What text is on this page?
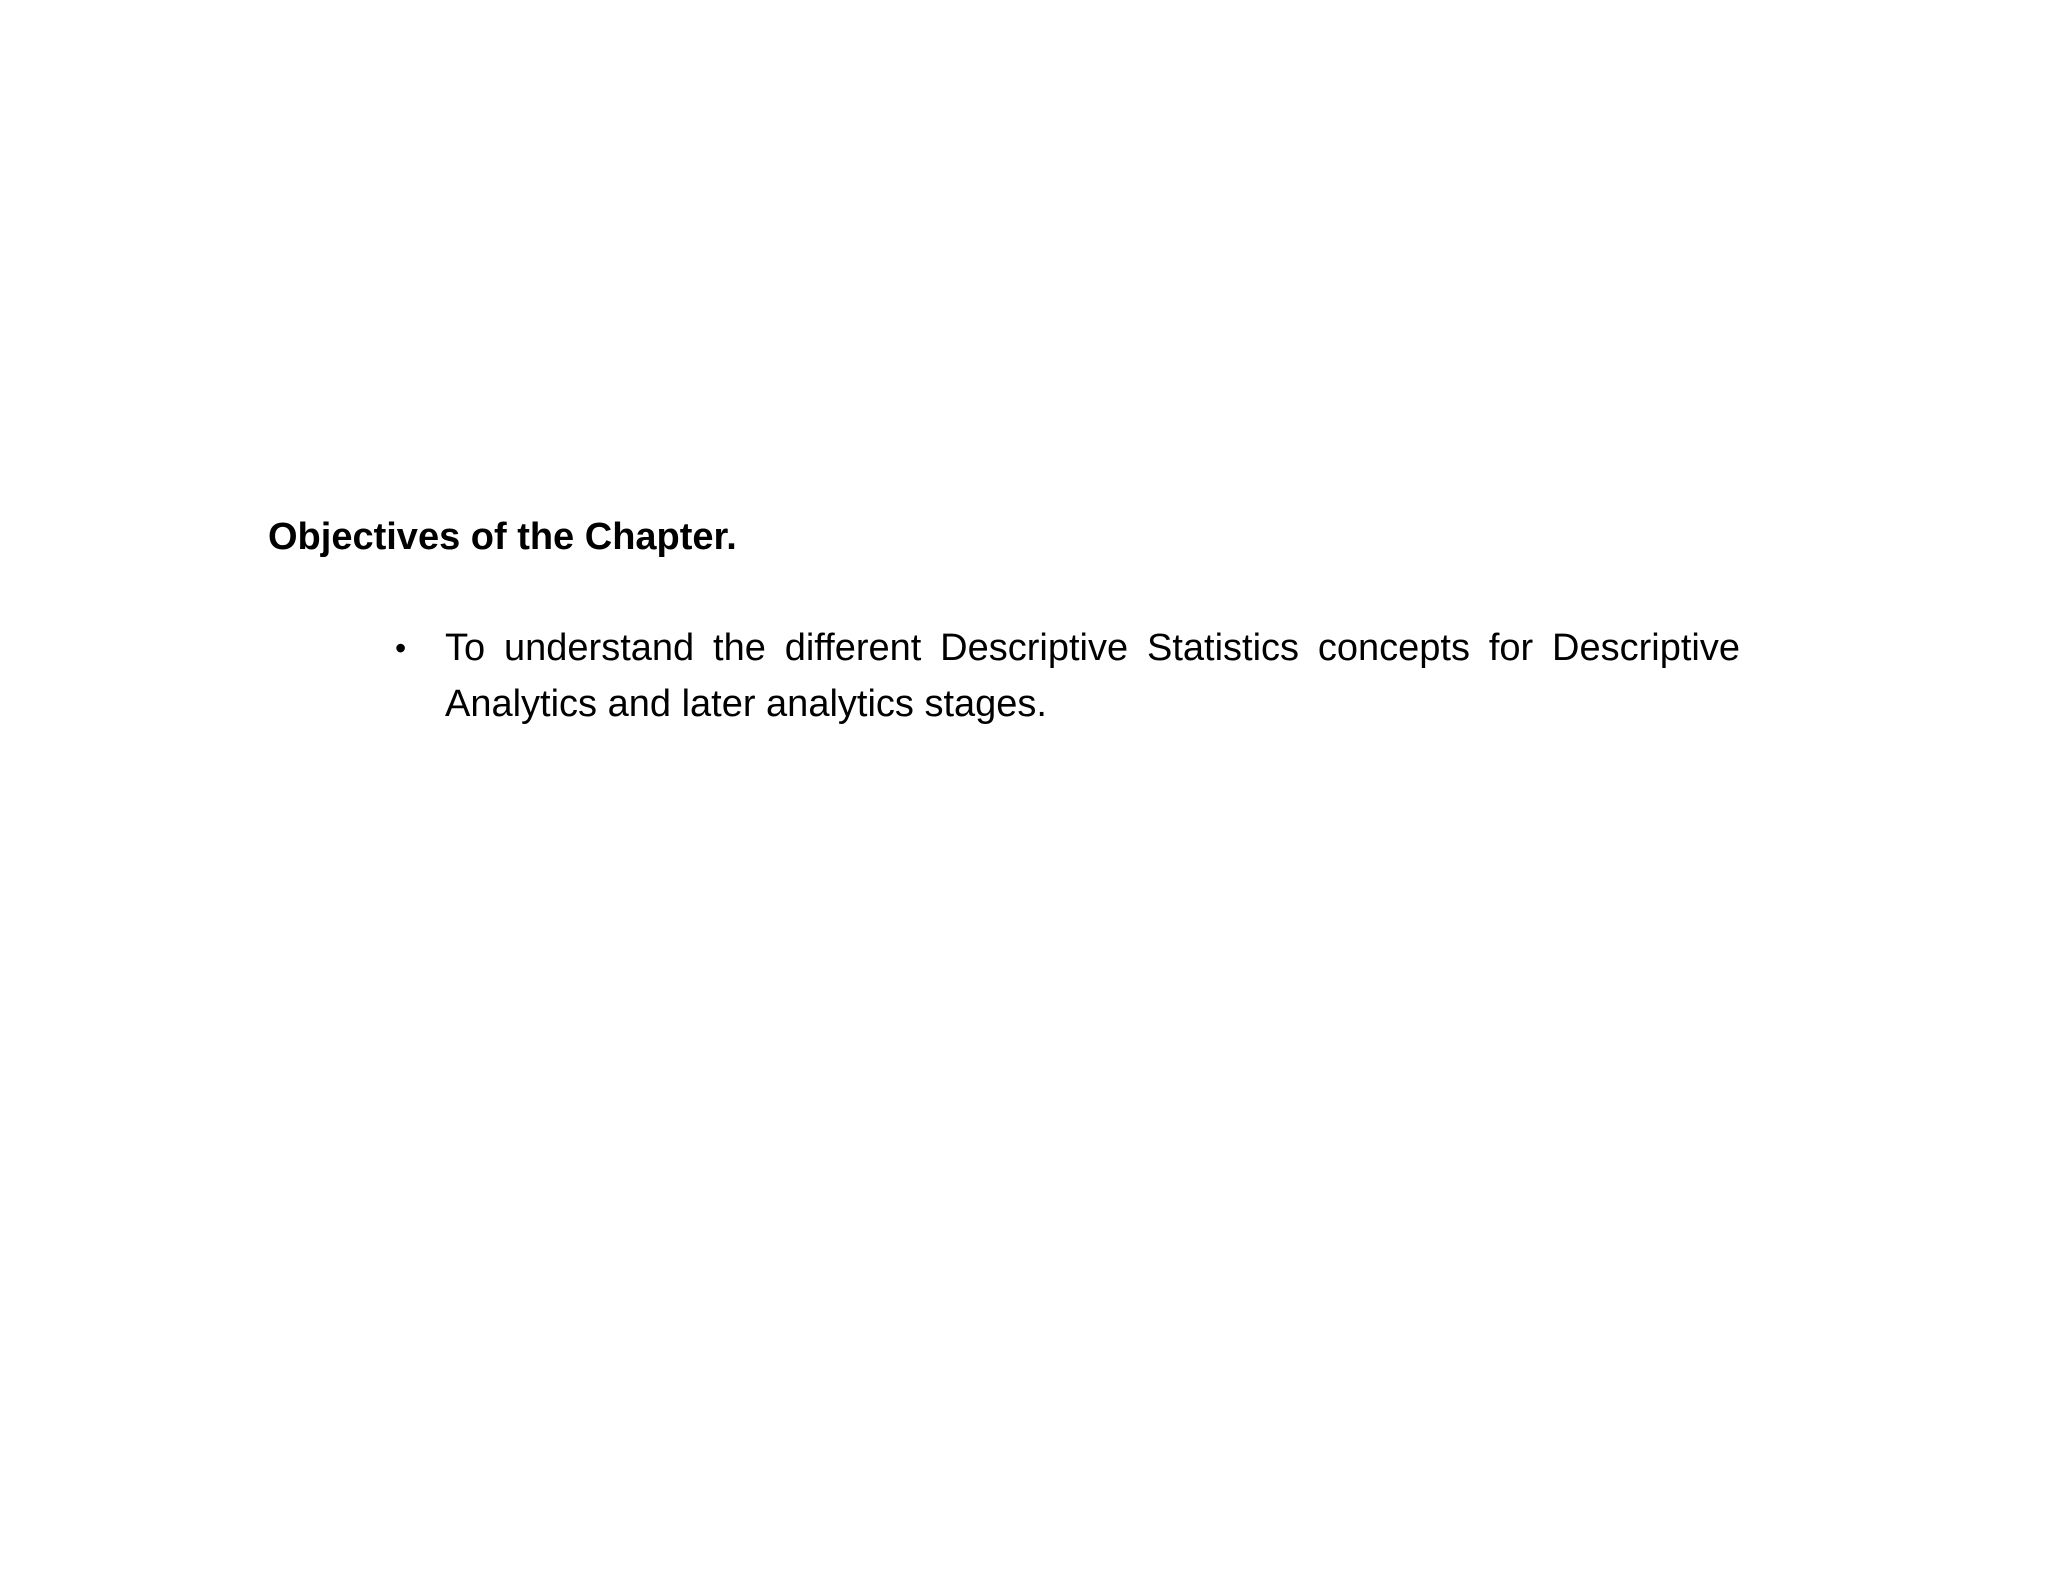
Objectives of the Chapter.
•	To understand the different Descriptive Statistics concepts for Descriptive Analytics and later analytics stages.
